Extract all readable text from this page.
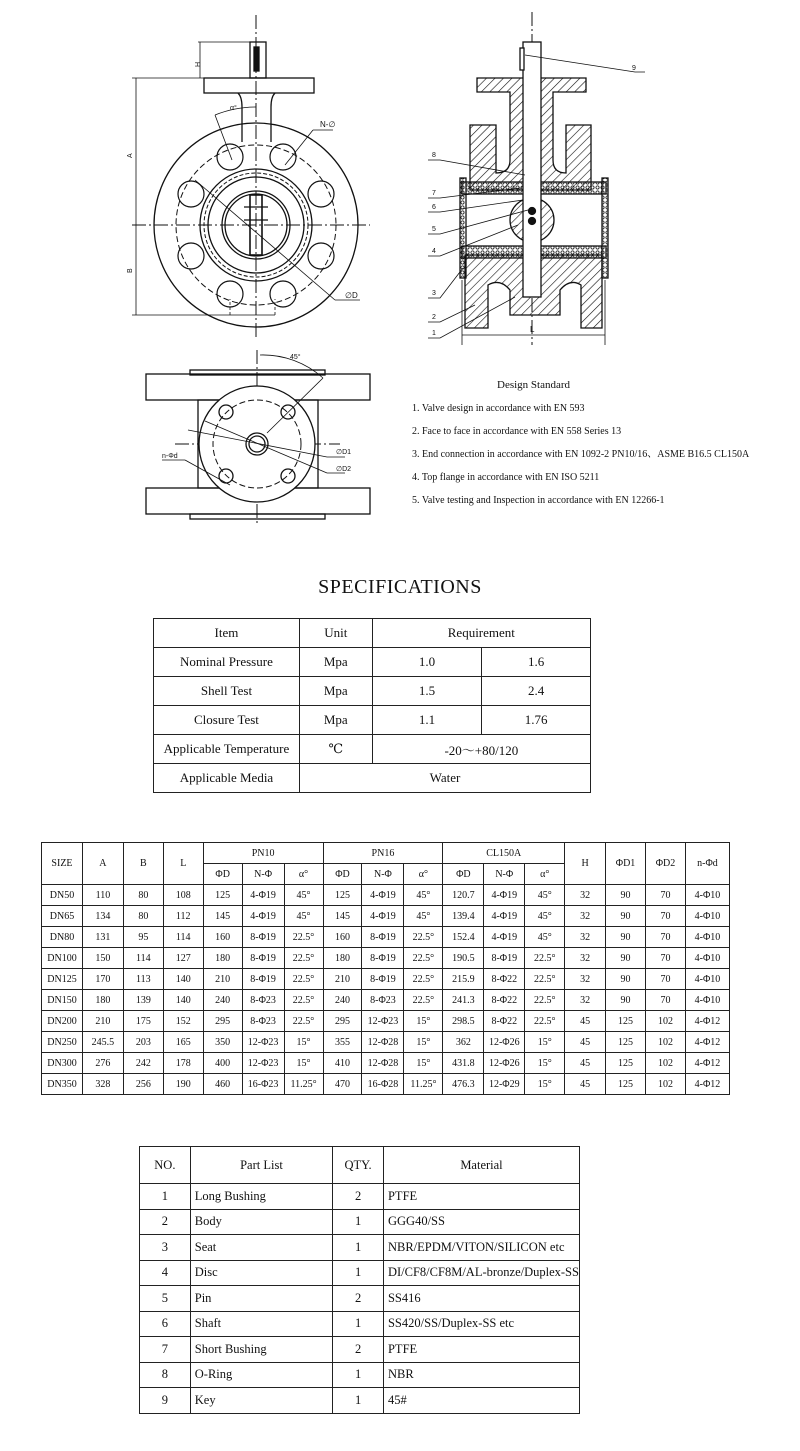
H
A
B
α°
N-∅
∅D
9
8
7
6
5
4
3
2
1	L
45°
n-Φd
∅D1
∅D2
Design Standard
1. Valve design in accordance with EN 593
2. Face to face in accordance with EN 558 Series 13
3. End connection in accordance with EN 1092-2 PN10/16、ASME B16.5 CL150A
4. Top flange in accordance with EN ISO 5211
5. Valve testing and Inspection in accordance with EN 12266-1
SPECIFICATIONS
Item	Unit	Requirement	
Nominal Pressure	Mpa	1.0	1.6
Shell Test	Mpa	1.5	2.4
Closure Test	Mpa	1.1	1.76
Applicable Temperature	℃	-20～+80/120	
Applicable Media	Water		
SIZE	A	B	L	PN10			PN16			CL150A			H	ΦD1	ΦD2	n-Φd
				ΦD	N-Φ	α°	ΦD	N-Φ	α°	ΦD	N-Φ	α°				
DN50	110	80	108	125	4-Φ19	45°	125	4-Φ19	45°	120.7	4-Φ19	45°	32	90	70	4-Φ10
DN65	134	80	112	145	4-Φ19	45°	145	4-Φ19	45°	139.4	4-Φ19	45°	32	90	70	4-Φ10
DN80	131	95	114	160	8-Φ19	22.5°	160	8-Φ19	22.5°	152.4	4-Φ19	45°	32	90	70	4-Φ10
DN100	150	114	127	180	8-Φ19	22.5°	180	8-Φ19	22.5°	190.5	8-Φ19	22.5°	32	90	70	4-Φ10
DN125	170	113	140	210	8-Φ19	22.5°	210	8-Φ19	22.5°	215.9	8-Φ22	22.5°	32	90	70	4-Φ10
DN150	180	139	140	240	8-Φ23	22.5°	240	8-Φ23	22.5°	241.3	8-Φ22	22.5°	32	90	70	4-Φ10
DN200	210	175	152	295	8-Φ23	22.5°	295	12-Φ23	15°	298.5	8-Φ22	22.5°	45	125	102	4-Φ12
DN250	245.5	203	165	350	12-Φ23	15°	355	12-Φ28	15°	362	12-Φ26	15°	45	125	102	4-Φ12
DN300	276	242	178	400	12-Φ23	15°	410	12-Φ28	15°	431.8	12-Φ26	15°	45	125	102	4-Φ12
DN350	328	256	190	460	16-Φ23	11.25°	470	16-Φ28	11.25°	476.3	12-Φ29	15°	45	125	102	4-Φ12
NO.	Part List	QTY.	Material
1	Long Bushing	2	PTFE
2	Body	1	GGG40/SS
3	Seat	1	NBR/EPDM/VITON/SILICON etc
4	Disc	1	DI/CF8/CF8M/AL-bronze/Duplex-SS
5	Pin	2	SS416
6	Shaft	1	SS420/SS/Duplex-SS etc
7	Short Bushing	2	PTFE
8	O-Ring	1	NBR
9	Key	1	45#
